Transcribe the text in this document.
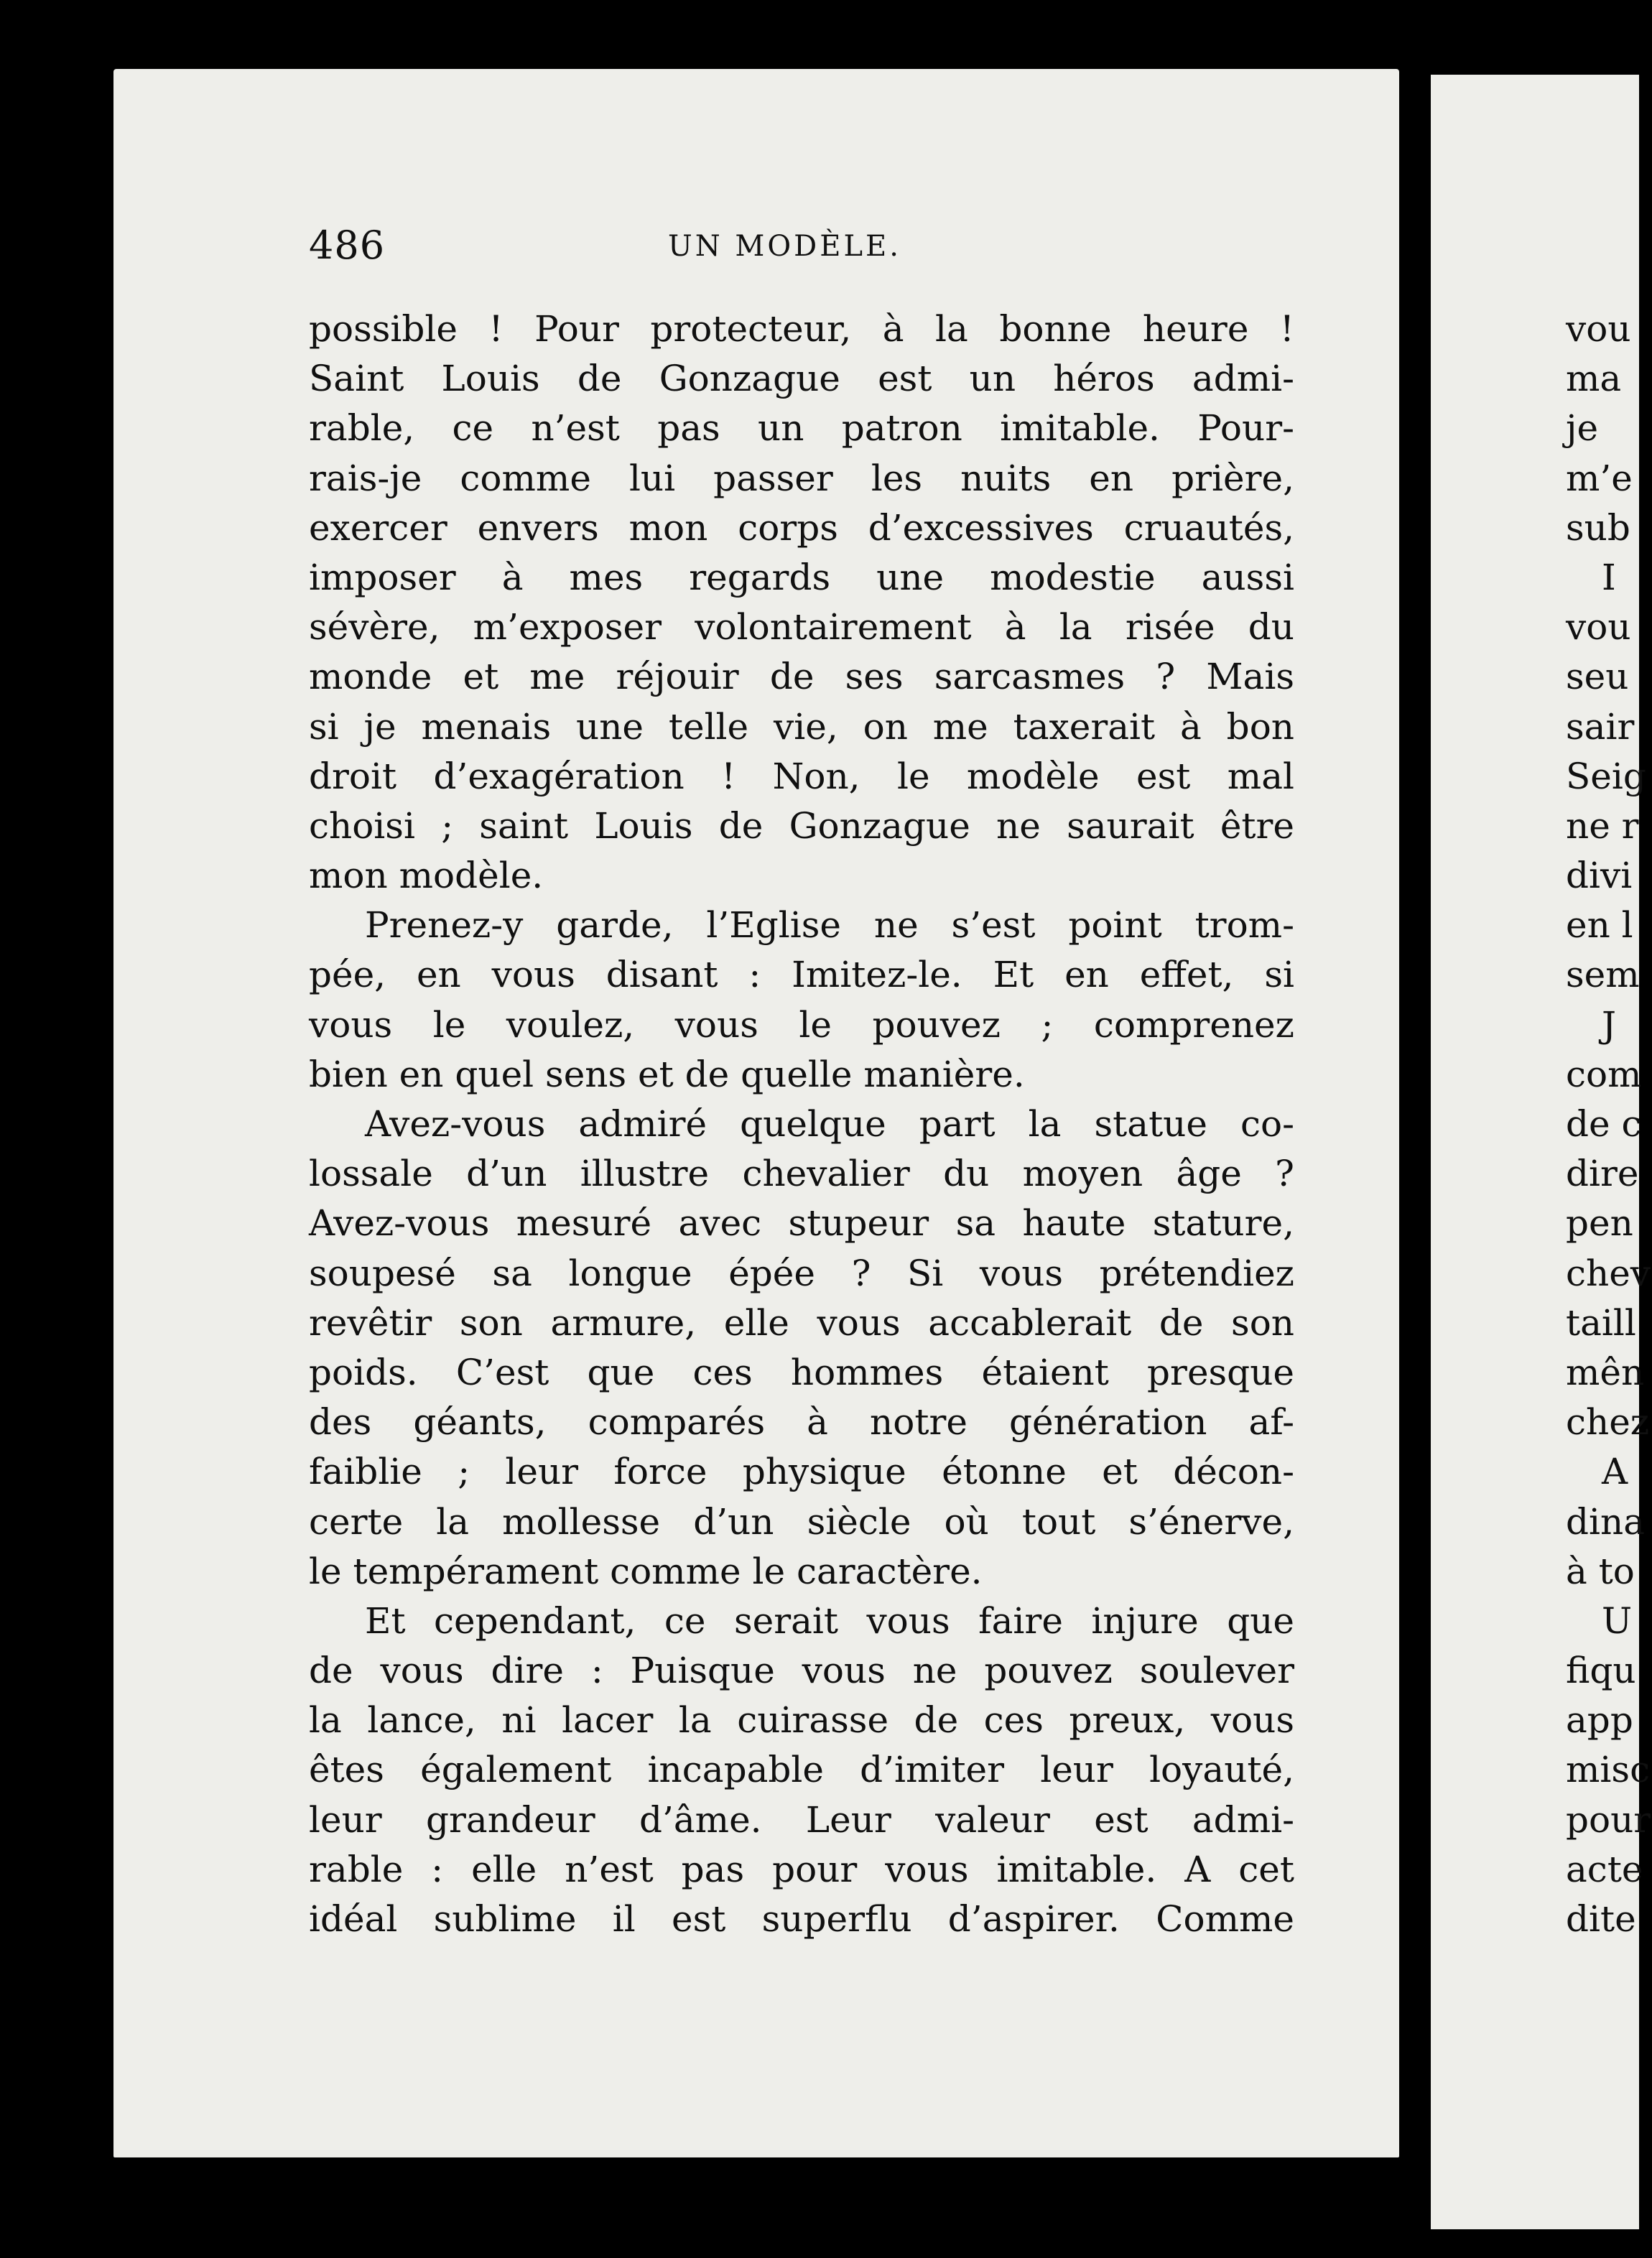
486	UN MODÈLE.
possible ! Pour protecteur, à la bonne heure !
Saint Louis de Gonzague est un héros admi-
rable, ce n’est pas un patron imitable. Pour-
rais-je comme lui passer les nuits en prière,
exercer envers mon corps d’excessives cruautés,
imposer à mes regards une modestie aussi
sévère, m’exposer volontairement à la risée du
monde et me réjouir de ses sarcasmes ? Mais
si je menais une telle vie, on me taxerait à bon
droit d’exagération ! Non, le modèle est mal
choisi ; saint Louis de Gonzague ne saurait être
mon modèle.
Prenez-y garde, l’Eglise ne s’est point trom-
pée, en vous disant : Imitez-le. Et en effet, si
vous le voulez, vous le pouvez ; comprenez
bien en quel sens et de quelle manière.
Avez-vous admiré quelque part la statue co-
lossale d’un illustre chevalier du moyen âge ?
Avez-vous mesuré avec stupeur sa haute stature,
soupesé sa longue épée ? Si vous prétendiez
revêtir son armure, elle vous accablerait de son
poids. C’est que ces hommes étaient presque
des géants, comparés à notre génération af-
faiblie ; leur force physique étonne et décon-
certe la mollesse d’un siècle où tout s’énerve,
le tempérament comme le caractère.
Et cependant, ce serait vous faire injure que
de vous dire : Puisque vous ne pouvez soulever
la lance, ni lacer la cuirasse de ces preux, vous
êtes également incapable d’imiter leur loyauté,
leur grandeur d’âme. Leur valeur est admi-
rable : elle n’est pas pour vous imitable. A cet
idéal sublime il est superflu d’aspirer. Comme
vou
ma
je
m’e
sub
I
vou
seu
sair
Seig
ne r
divi
en l
sem
J
com
de c
dire
pen
chev
taill
mên
chez
A
dina
à to
U
fiqu
app
misc
pour
acte
dite
